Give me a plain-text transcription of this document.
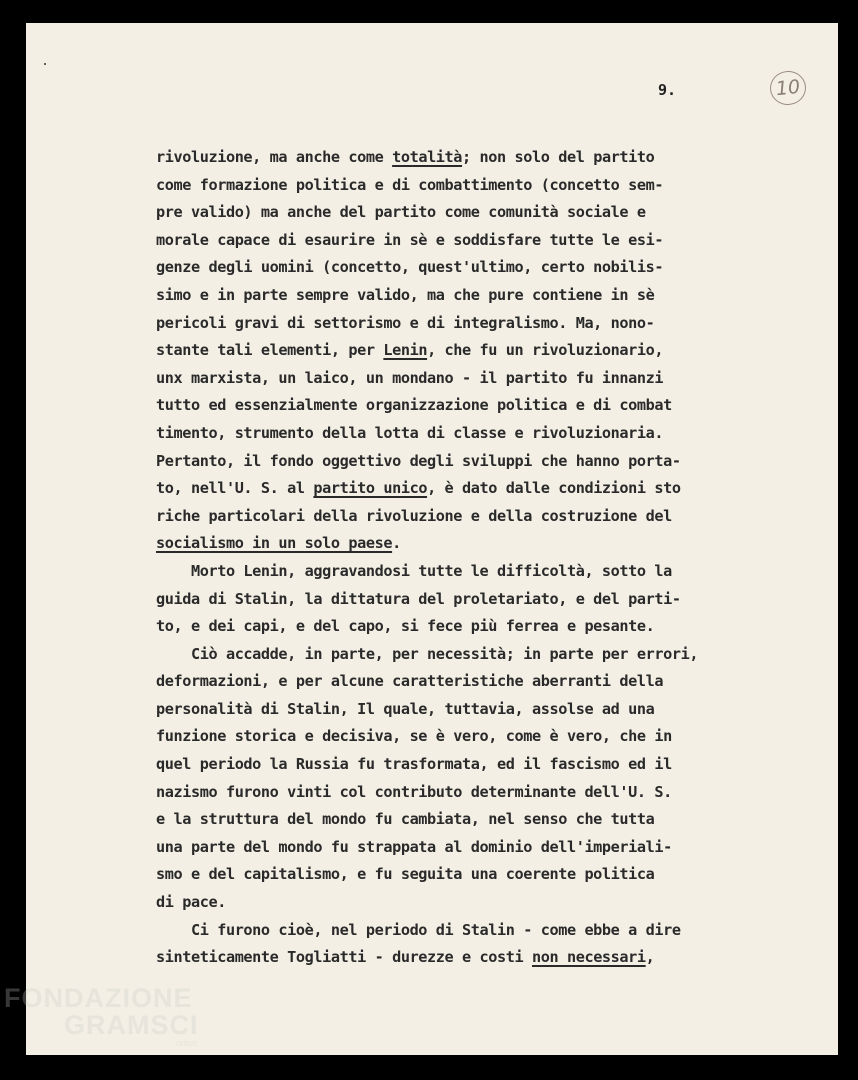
9.	10
rivoluzione, ma anche come totalità; non solo del partito
come formazione politica e di combattimento (concetto sem-
pre valido) ma anche del partito come comunità sociale e
morale capace di esaurire in sè e soddisfare tutte le esi-
genze degli uomini (concetto, quest'ultimo, certo nobilis-
simo e in parte sempre valido, ma che pure contiene in sè
pericoli gravi di settorismo e di integralismo. Ma, nono-
stante tali elementi, per Lenin, che fu un rivoluzionario,
unx marxista, un laico, un mondano - il partito fu innanzi
tutto ed essenzialmente organizzazione politica e di combat
timento, strumento della lotta di classe e rivoluzionaria.
Pertanto, il fondo oggettivo degli sviluppi che hanno porta-
to, nell'U. S. al partito unico, è dato dalle condizioni sto
riche particolari della rivoluzione e della costruzione del
socialismo in un solo paese.
Morto Lenin, aggravandosi tutte le difficoltà, sotto la
guida di Stalin, la dittatura del proletariato, e del parti-
to, e dei capi, e del capo, si fece più ferrea e pesante.
Ciò accadde, in parte, per necessità; in parte per errori,
deformazioni, e per alcune caratteristiche aberranti della
personalità di Stalin, Il quale, tuttavia, assolse ad una
funzione storica e decisiva, se è vero, come è vero, che in
quel periodo la Russia fu trasformata, ed il fascismo ed il
nazismo furono vinti col contributo determinante dell'U. S.
e la struttura del mondo fu cambiata, nel senso che tutta
una parte del mondo fu strappata al dominio dell'imperiali-
smo e del capitalismo, e fu seguita una coerente politica
di pace.
Ci furono cioè, nel periodo di Stalin - come ebbe a dire
sinteticamente Togliatti - durezze e costi non necessari,
FONDAZIONE
GRAMSCI
onlus
